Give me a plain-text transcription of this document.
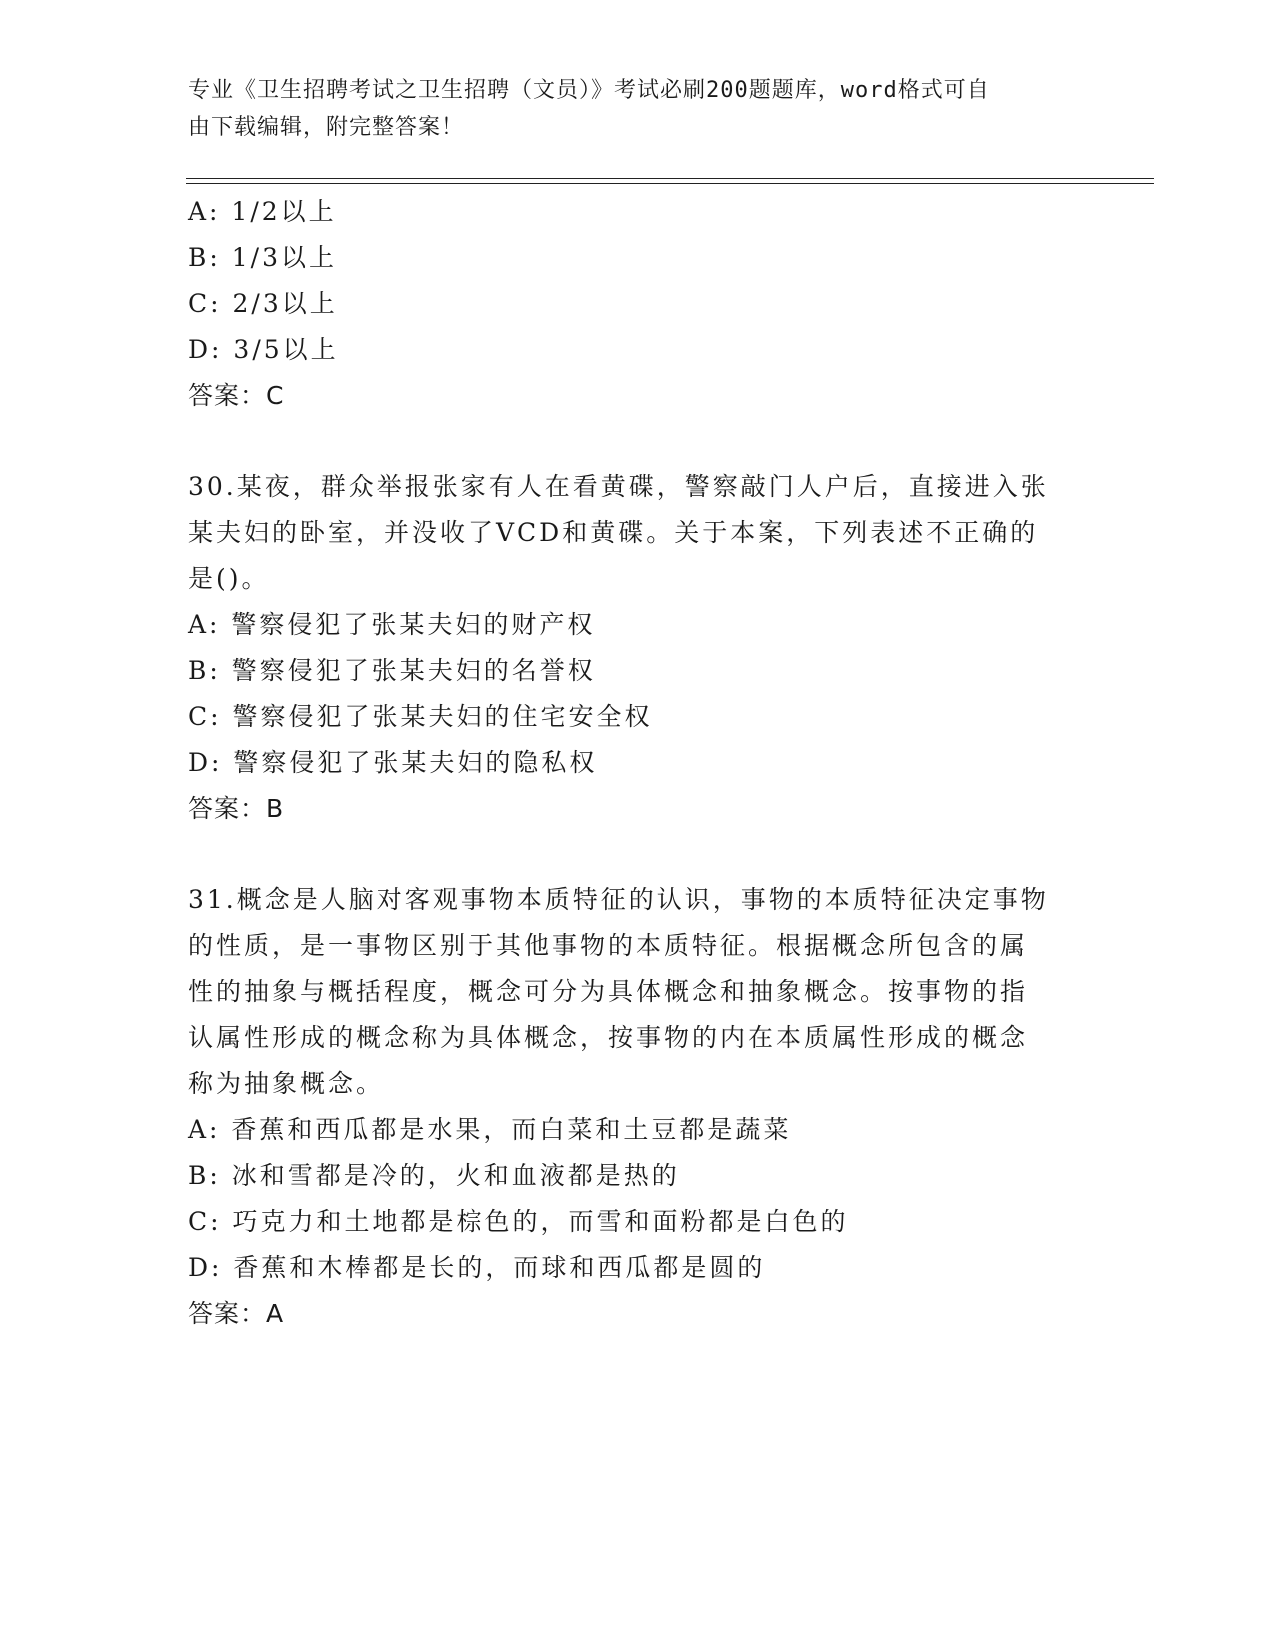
专业《卫生招聘考试之卫生招聘（文员）》考试必刷200题题库，word格式可自
由下载编辑，附完整答案！
A: 1/2以上
B: 1/3以上
C: 2/3以上
D: 3/5以上
答案：C
30.某夜，群众举报张家有人在看黄碟，警察敲门人户后，直接进入张
某夫妇的卧室，并没收了VCD和黄碟。关于本案，下列表述不正确的
是()。
A: 警察侵犯了张某夫妇的财产权
B: 警察侵犯了张某夫妇的名誉权
C: 警察侵犯了张某夫妇的住宅安全权
D: 警察侵犯了张某夫妇的隐私权
答案：B
31.概念是人脑对客观事物本质特征的认识，事物的本质特征决定事物
的性质，是一事物区别于其他事物的本质特征。根据概念所包含的属
性的抽象与概括程度，概念可分为具体概念和抽象概念。按事物的指
认属性形成的概念称为具体概念，按事物的内在本质属性形成的概念
称为抽象概念。
A: 香蕉和西瓜都是水果，而白菜和土豆都是蔬菜
B: 冰和雪都是冷的，火和血液都是热的
C: 巧克力和土地都是棕色的，而雪和面粉都是白色的
D: 香蕉和木棒都是长的，而球和西瓜都是圆的
答案：A
